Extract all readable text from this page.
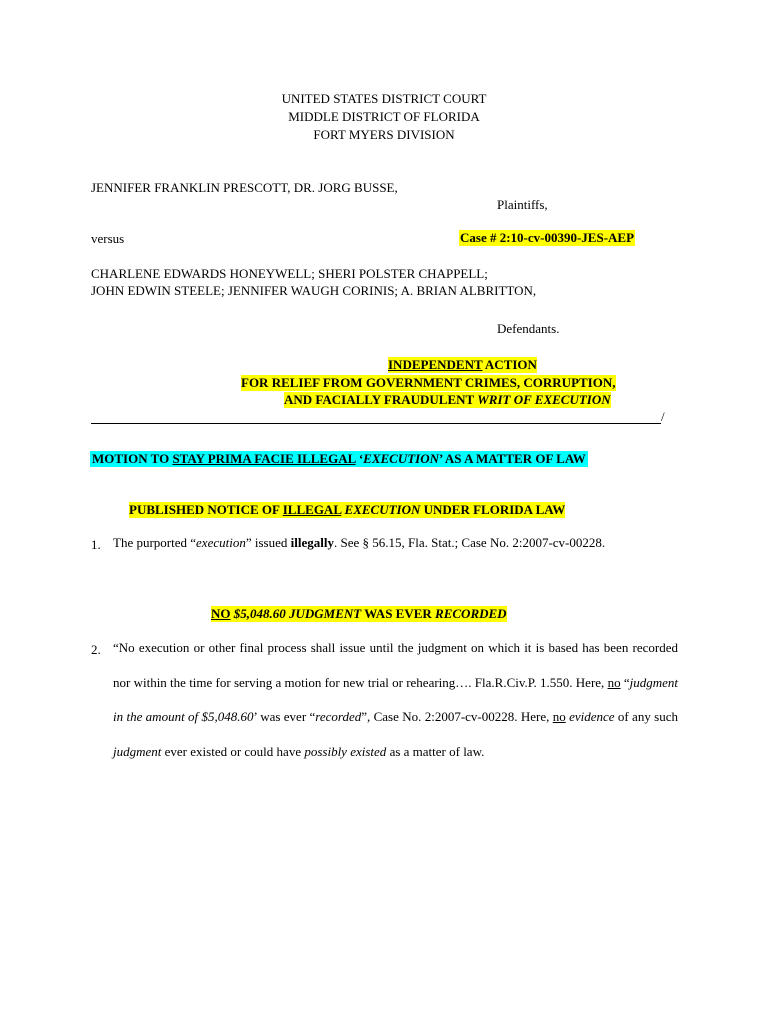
UNITED STATES DISTRICT COURT
MIDDLE DISTRICT OF FLORIDA
FORT MYERS DIVISION
JENNIFER FRANKLIN PRESCOTT, DR. JORG BUSSE,
Plaintiffs,
versus	Case # 2:10-cv-00390-JES-AEP
CHARLENE EDWARDS HONEYWELL; SHERI POLSTER CHAPPELL;
JOHN EDWIN STEELE; JENNIFER WAUGH CORINIS; A. BRIAN ALBRITTON,
Defendants.
INDEPENDENT ACTION
FOR RELIEF FROM GOVERNMENT CRIMES, CORRUPTION,
AND FACIALLY FRAUDULENT WRIT OF EXECUTION
/
MOTION TO STAY PRIMA FACIE ILLEGAL ‘EXECUTION’ AS A MATTER OF LAW
PUBLISHED NOTICE OF ILLEGAL EXECUTION UNDER FLORIDA LAW
1. The purported “execution” issued illegally. See § 56.15, Fla. Stat.; Case No. 2:2007-cv-00228.
NO $5,048.60 JUDGMENT WAS EVER RECORDED
2. “No execution or other final process shall issue until the judgment on which it is based has been recorded nor within the time for serving a motion for new trial or rehearing…. Fla.R.Civ.P. 1.550. Here, no “judgment in the amount of $5,048.60’ was ever “recorded”, Case No. 2:2007-cv-00228. Here, no evidence of any such judgment ever existed or could have possibly existed as a matter of law.
